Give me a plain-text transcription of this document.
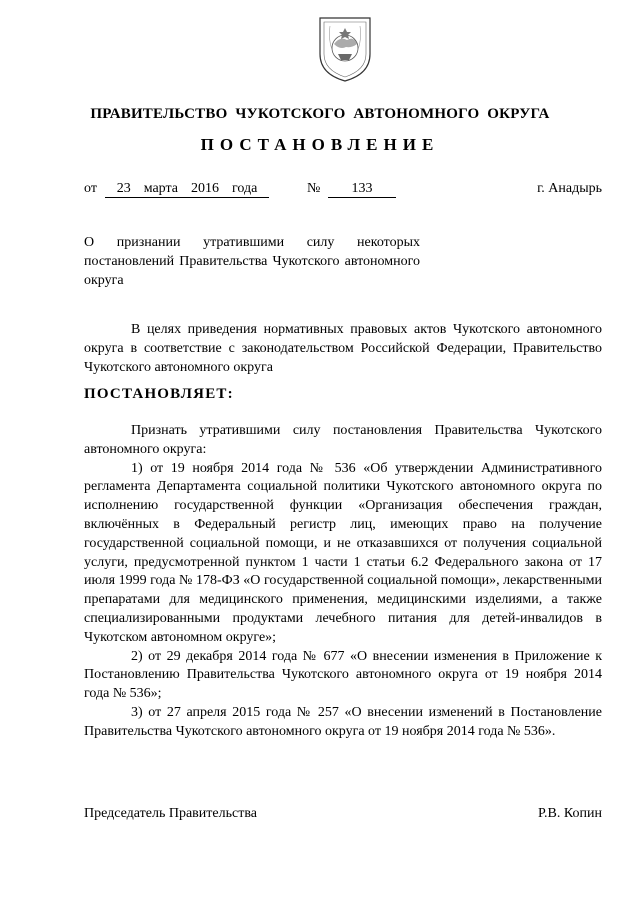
ПРАВИТЕЛЬСТВО ЧУКОТСКОГО АВТОНОМНОГО ОКРУГА
ПОСТАНОВЛЕНИЕ
от	23  марта  2016  года	№	133	г. Анадырь
О признании утратившими силу некоторых постановлений Правительства Чукотского автономного округа
В целях приведения нормативных правовых актов Чукотского автономного округа в соответствие с законодательством Российской Федерации, Правительство Чукотского автономного округа
ПОСТАНОВЛЯЕТ:

Признать утратившими силу постановления Правительства Чукотского автономного округа:

1) от 19 ноября 2014 года № 536 «Об утверждении Административного регламента Департамента социальной политики Чукотского автономного округа по исполнению государственной функции «Организация обеспечения граждан, включённых в Федеральный регистр лиц, имеющих право на получение государственной социальной помощи, и не отказавшихся от получения социальной услуги, предусмотренной пунктом 1 части 1 статьи 6.2 Федерального закона от 17 июля 1999 года № 178-ФЗ «О государственной социальной помощи», лекарственными препаратами для медицинского применения, медицинскими изделиями, а также специализированными продуктами лечебного питания для детей-инвалидов в Чукотском автономном округе»;

2) от 29 декабря 2014 года № 677 «О внесении изменения в Приложение к Постановлению Правительства Чукотского автономного округа от 19 ноября 2014 года № 536»;

3) от 27 апреля 2015 года № 257 «О внесении изменений в Постановление Правительства Чукотского автономного округа от 19 ноября 2014 года № 536».

Председатель Правительства	Р.В. Копин
